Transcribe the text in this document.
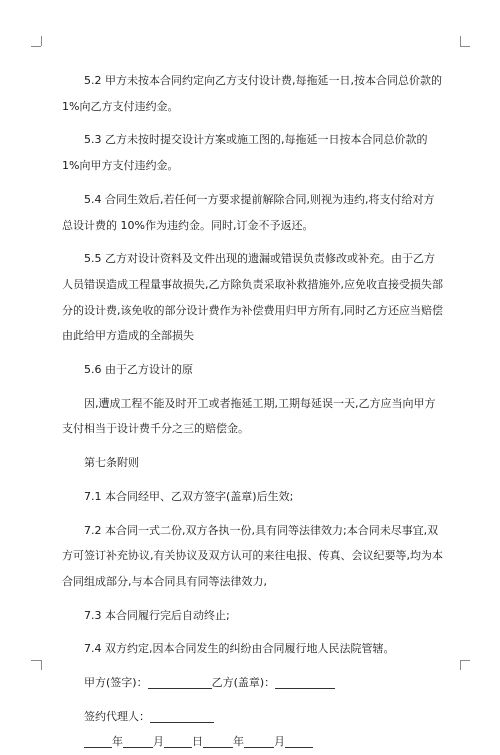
5.2 甲方未按本合同约定向乙方支付设计费,每拖延一日,按本合同总价款的 1%向乙方支付违约金。

5.3 乙方未按时提交设计方案或施工图的,每拖延一日按本合同总价款的 1%向甲方支付违约金。

5.4 合同生效后,若任何一方要求提前解除合同,则视为违约,将支付给对方总设计费的 10%作为违约金。同时,订金不予返还。

5.5 乙方对设计资料及文件出现的遗漏或错误负责修改或补充。由于乙方人员错误造成工程量事故损失,乙方除负责采取补救措施外,应免收直接受损失部分的设计费,该免收的部分设计费作为补偿费用归甲方所有,同时乙方还应当赔偿由此给甲方造成的全部损失

5.6 由于乙方设计的原

因,遭成工程不能及时开工或者拖延工期,工期每延误一天,乙方应当向甲方支付相当于设计费千分之三的赔偿金。

第七条附则

7.1 本合同经甲、乙双方签字(盖章)后生效;

7.2 本合同一式二份,双方各执一份,具有同等法律效力;本合同未尽事宜,双方可签订补充协议,有关协议及双方认可的来往电报、传真、会议纪要等,均为本合同组成部分,与本合同具有同等法律效力,

7.3 本合同履行完后自动终止;

7.4 双方约定,因本合同发生的纠纷由合同履行地人民法院管辖。

甲方(签字)：	乙方(盖章)：

签约代理人：

年	月	日	年	月
